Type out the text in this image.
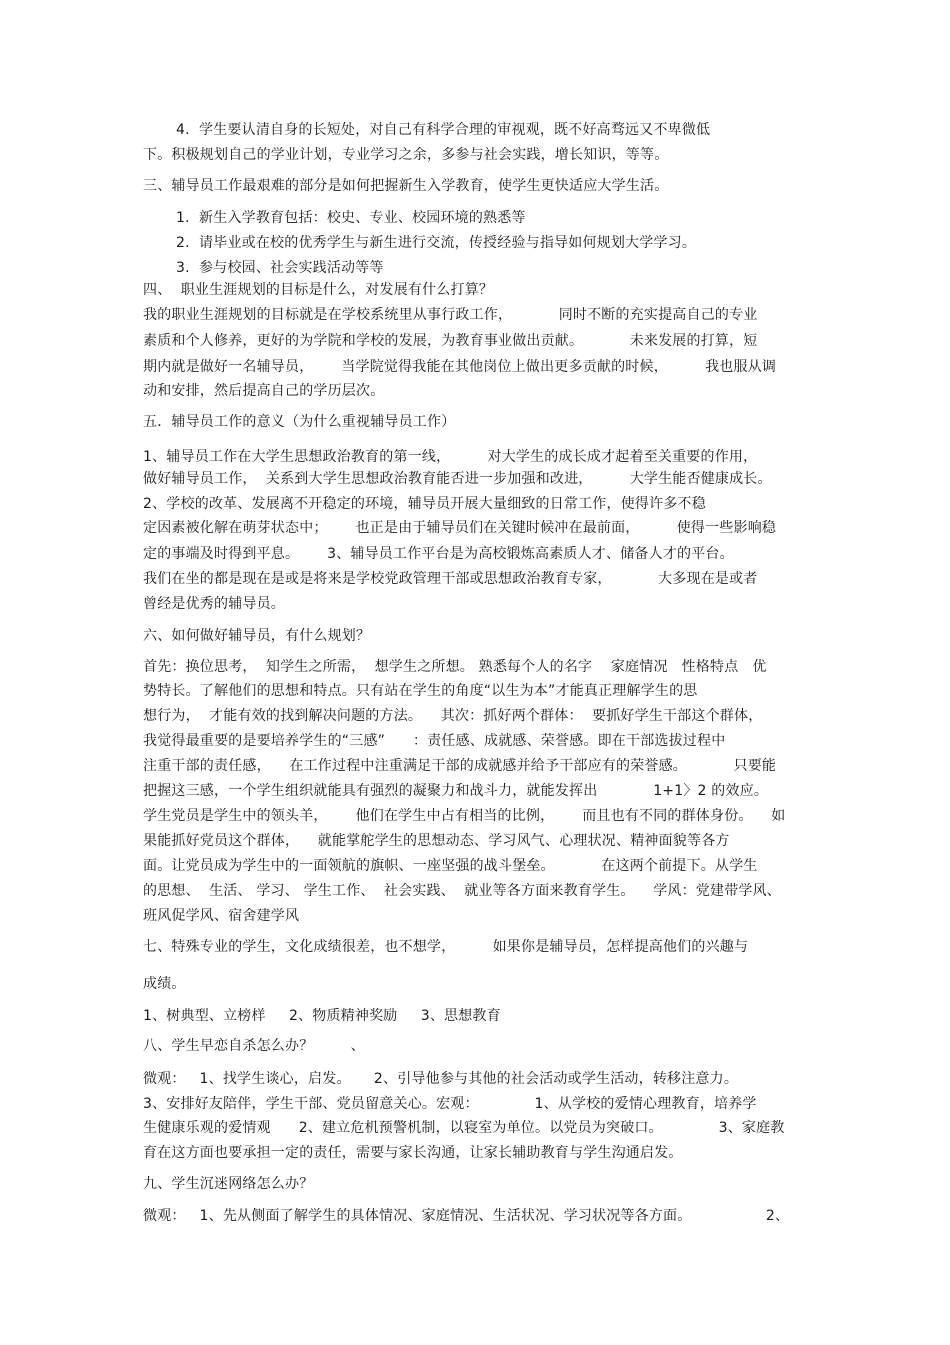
4.  学生要认清自身的长短处，对自己有科学合理的审视观，既不好高骛远又不卑微低
下。积极规划自己的学业计划，专业学习之余，多参与社会实践，增长知识，等等。
三、辅导员工作最艰难的部分是如何把握新生入学教育，使学生更快适应大学生活。
1.  新生入学教育包括：校史、专业、校园环境的熟悉等
2.  请毕业或在校的优秀学生与新生进行交流，传授经验与指导如何规划大学学习。
3.  参与校园、社会实践活动等等
四、  职业生涯规划的目标是什么，对发展有什么打算？
我的职业生涯规划的目标就是在学校系统里从事行政工作，          同时不断的充实提高自己的专业
素质和个人修养，更好的为学院和学校的发展，为教育事业做出贡献。          未来发展的打算，短
期内就是做好一名辅导员，      当学院觉得我能在其他岗位上做出更多贡献的时候，        我也服从调
动和安排，然后提高自己的学历层次。
五．辅导员工作的意义（为什么重视辅导员工作）
1、辅导员工作在大学生思想政治教育的第一线，        对大学生的成长成才起着至关重要的作用，
做好辅导员工作，  关系到大学生思想政治教育能否进一步加强和改进，        大学生能否健康成长。
2、学校的改革、发展离不开稳定的环境，辅导员开展大量细致的日常工作，使得许多不稳
定因素被化解在萌芽状态中；      也正是由于辅导员们在关键时候冲在最前面，        使得一些影响稳
定的事端及时得到平息。      3、辅导员工作平台是为高校锻炼高素质人才、储备人才的平台。
我们在坐的都是现在是或是将来是学校党政管理干部或思想政治教育专家，          大多现在是或者
曾经是优秀的辅导员。
六、如何做好辅导员，有什么规划？
首先：换位思考，  知学生之所需，  想学生之所想。 熟悉每个人的名字    家庭情况   性格特点   优
势特长。了解他们的思想和特点。只有站在学生的角度“以生为本”才能真正理解学生的思
想行为，  才能有效的找到解决问题的方法。    其次：抓好两个群体：  要抓好学生干部这个群体，
我觉得最重要的是要培养学生的“三感”      ：责任感、成就感、荣誉感。即在干部选拔过程中
注重干部的责任感，    在工作过程中注重满足干部的成就感并给予干部应有的荣誉感。          只要能
把握这三感，一个学生组织就能具有强烈的凝聚力和战斗力，就能发挥出            1+1〉2 的效应。
学生党员是学生中的领头羊，      他们在学生中占有相当的比例，      而且也有不同的群体身份。    如
果能抓好党员这个群体，    就能掌舵学生的思想动态、学习风气、心理状况、精神面貌等各方
面。让党员成为学生中的一面领航的旗帜、一座坚强的战斗堡垒。          在这两个前提下。从学生
的思想、  生活、 学习、 学生工作、  社会实践、  就业等各方面来教育学生。    学风：党建带学风、
班风促学风、宿舍建学风
七、特殊专业的学生，文化成绩很差，也不想学，        如果你是辅导员，怎样提高他们的兴趣与
成绩。
1、树典型、立榜样     2、物质精神奖励     3、思想教育
八、学生早恋自杀怎么办？        、
微观：   1、找学生谈心，启发。     2、引导他参与其他的社会活动或学生活动，转移注意力。
3、安排好友陪伴，学生干部、党员留意关心。宏观：            1、从学校的爱情心理教育，培养学
生健康乐观的爱情观      2、建立危机预警机制，以寝室为单位。以党员为突破口。            3、家庭教
育在这方面也要承担一定的责任，需要与家长沟通，让家长辅助教育与学生沟通启发。
九、学生沉迷网络怎么办？
微观：   1、先从侧面了解学生的具体情况、家庭情况、生活状况、学习状况等各方面。                2、
